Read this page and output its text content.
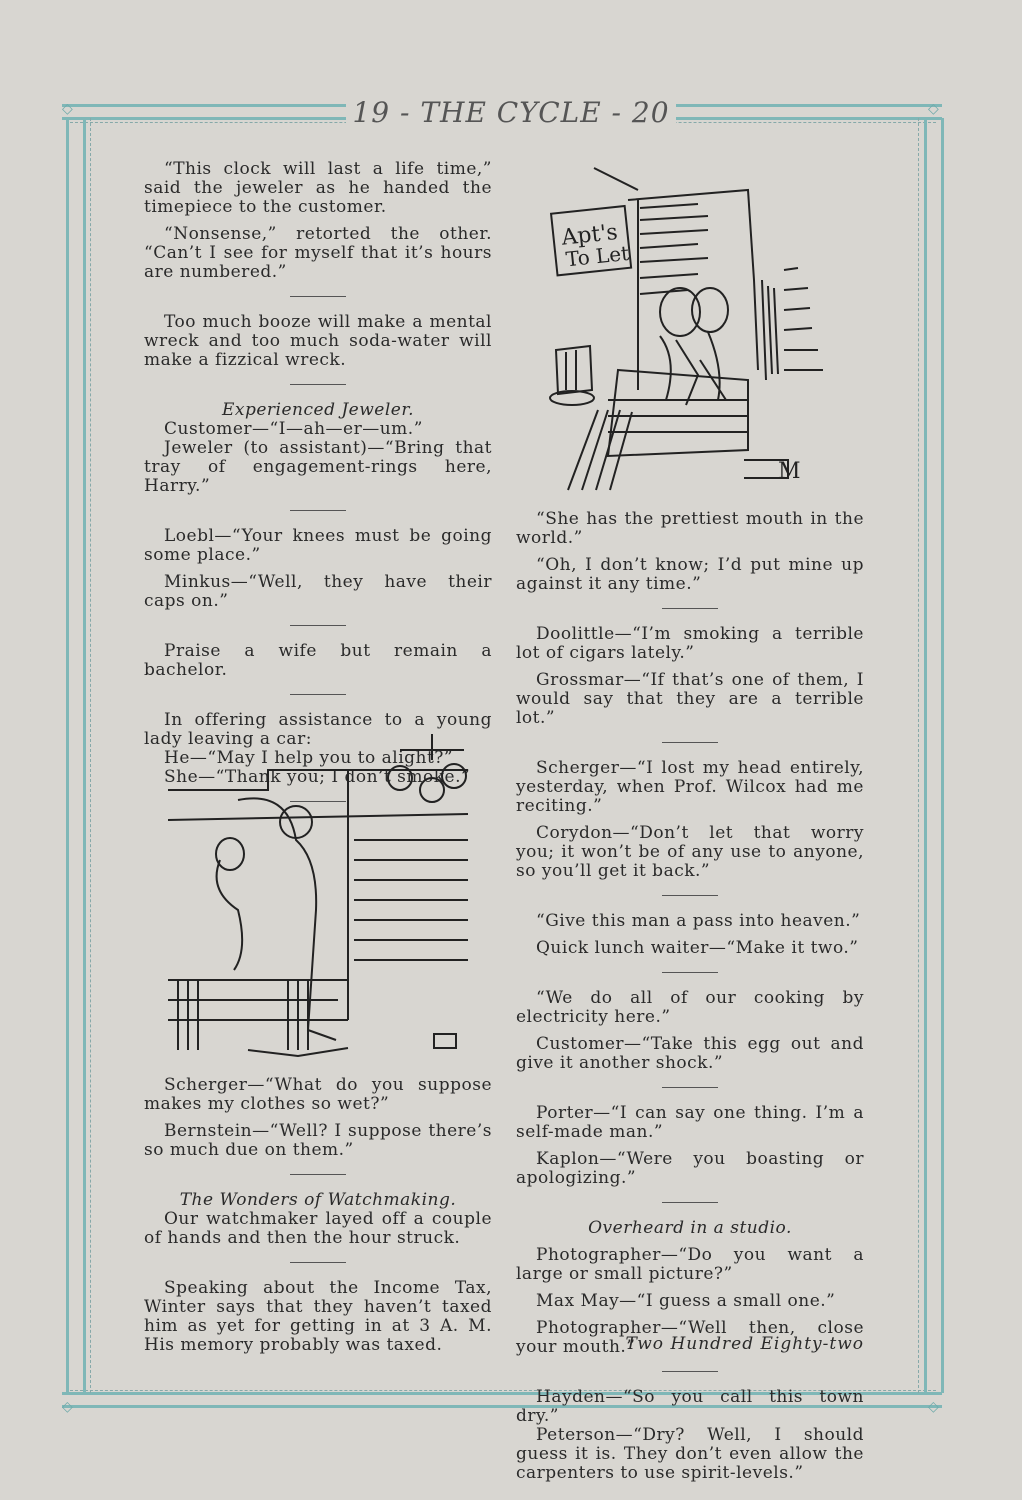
◇	◇
◇	◇
19 - THE CYCLE - 20

“This clock will last a life time,” said the jeweler as he handed the timepiece to the customer.

“Nonsense,” retorted the other. “Can’t I see for myself that it’s hours are numbered.”

Too much booze will make a mental wreck and too much soda-water will make a fizzical wreck.

Experienced Jeweler.

Customer—“I—ah—er—um.”

Jeweler (to assistant)—“Bring that tray of engagement-rings here, Harry.”

Loebl—“Your knees must be going some place.”

Minkus—“Well, they have their caps on.”

Praise a wife but remain a bachelor.

In offering assistance to a young lady leaving a car:

He—“May I help you to alight?”

She—“Thank you; I don’t smoke.”

Scherger—“What do you suppose makes my clothes so wet?”

Bernstein—“Well? I suppose there’s so much due on them.”

The Wonders of Watchmaking.

Our watchmaker layed off a couple of hands and then the hour struck.

Speaking about the Income Tax, Winter says that they haven’t taxed him as yet for getting in at 3 A. M. His memory probably was taxed.

Apt's
To Let
M

“She has the prettiest mouth in the world.”

“Oh, I don’t know; I’d put mine up against it any time.”

Doolittle—“I’m smoking a terrible lot of cigars lately.”

Grossmar—“If that’s one of them, I would say that they are a terrible lot.”

Scherger—“I lost my head entirely, yesterday, when Prof. Wilcox had me reciting.”

Corydon—“Don’t let that worry you; it won’t be of any use to anyone, so you’ll get it back.”

“Give this man a pass into heaven.”

Quick lunch waiter—“Make it two.”

“We do all of our cooking by electricity here.”

Customer—“Take this egg out and give it another shock.”

Porter—“I can say one thing. I’m a self-made man.”

Kaplon—“Were you boasting or apologizing.”

Overheard in a studio.

Photographer—“Do you want a large or small picture?”

Max May—“I guess a small one.”

Photographer—“Well then, close your mouth.”

Hayden—“So you call this town dry.”

Peterson—“Dry? Well, I should guess it is. They don’t even allow the carpenters to use spirit-levels.”

Two Hundred Eighty-two
